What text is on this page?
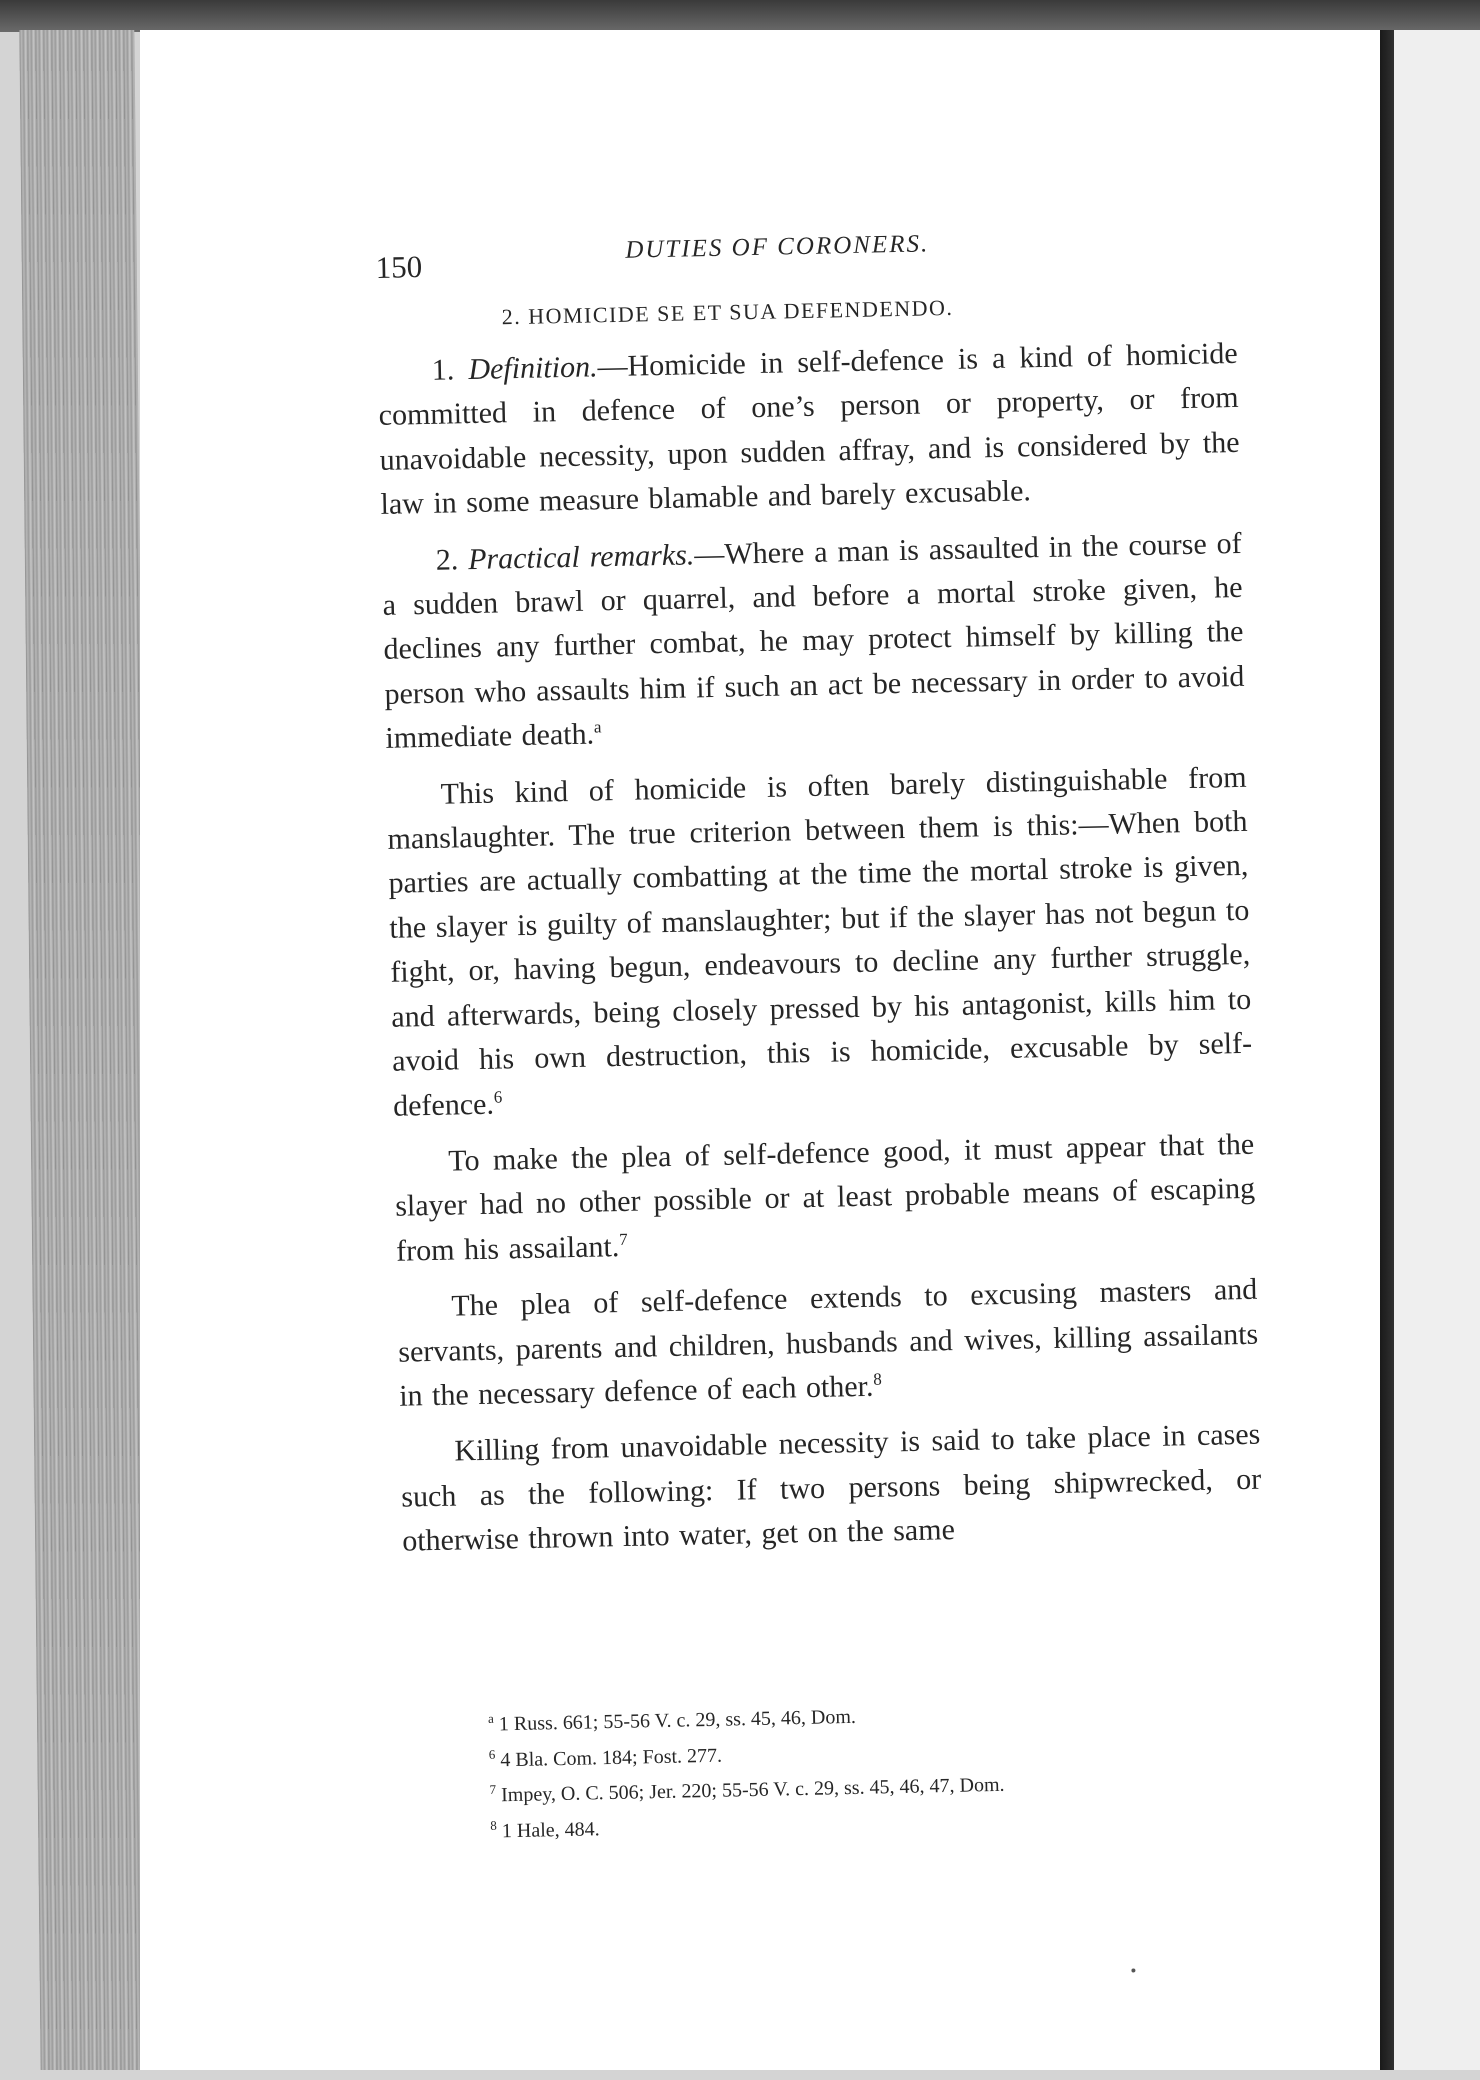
150
DUTIES OF CORONERS.
2. HOMICIDE SE ET SUA DEFENDENDO.

1. Definition.—Homicide in self-defence is a kind of homicide committed in defence of one’s person or property, or from unavoidable necessity, upon sudden affray, and is considered by the law in some measure blamable and barely excusable.

2. Practical remarks.—Where a man is assaulted in the course of a sudden brawl or quarrel, and before a mortal stroke given, he declines any further combat, he may protect himself by killing the person who assaults him if such an act be necessary in order to avoid immediate death.$^a$

This kind of homicide is often barely distinguishable from manslaughter. The true criterion between them is this:—When both parties are actually combatting at the time the mortal stroke is given, the slayer is guilty of manslaughter; but if the slayer has not begun to fight, or, having begun, endeavours to decline any further struggle, and afterwards, being closely pressed by his antagonist, kills him to avoid his own destruction, this is homicide, excusable by self-defence.$^6$

To make the plea of self-defence good, it must appear that the slayer had no other possible or at least probable means of escaping from his assailant.$^7$

The plea of self-defence extends to excusing masters and servants, parents and children, husbands and wives, killing assailants in the necessary defence of each other.$^8$

Killing from unavoidable necessity is said to take place in cases such as the following: If two persons being shipwrecked, or otherwise thrown into water, get on the same

$^a$ 1 Russ. 661; 55-56 V. c. 29, ss. 45, 46, Dom.
$^6$ 4 Bla. Com. 184; Fost. 277.
$^7$ Impey, O. C. 506; Jer. 220; 55-56 V. c. 29, ss. 45, 46, 47, Dom.
$^8$ 1 Hale, 484.
